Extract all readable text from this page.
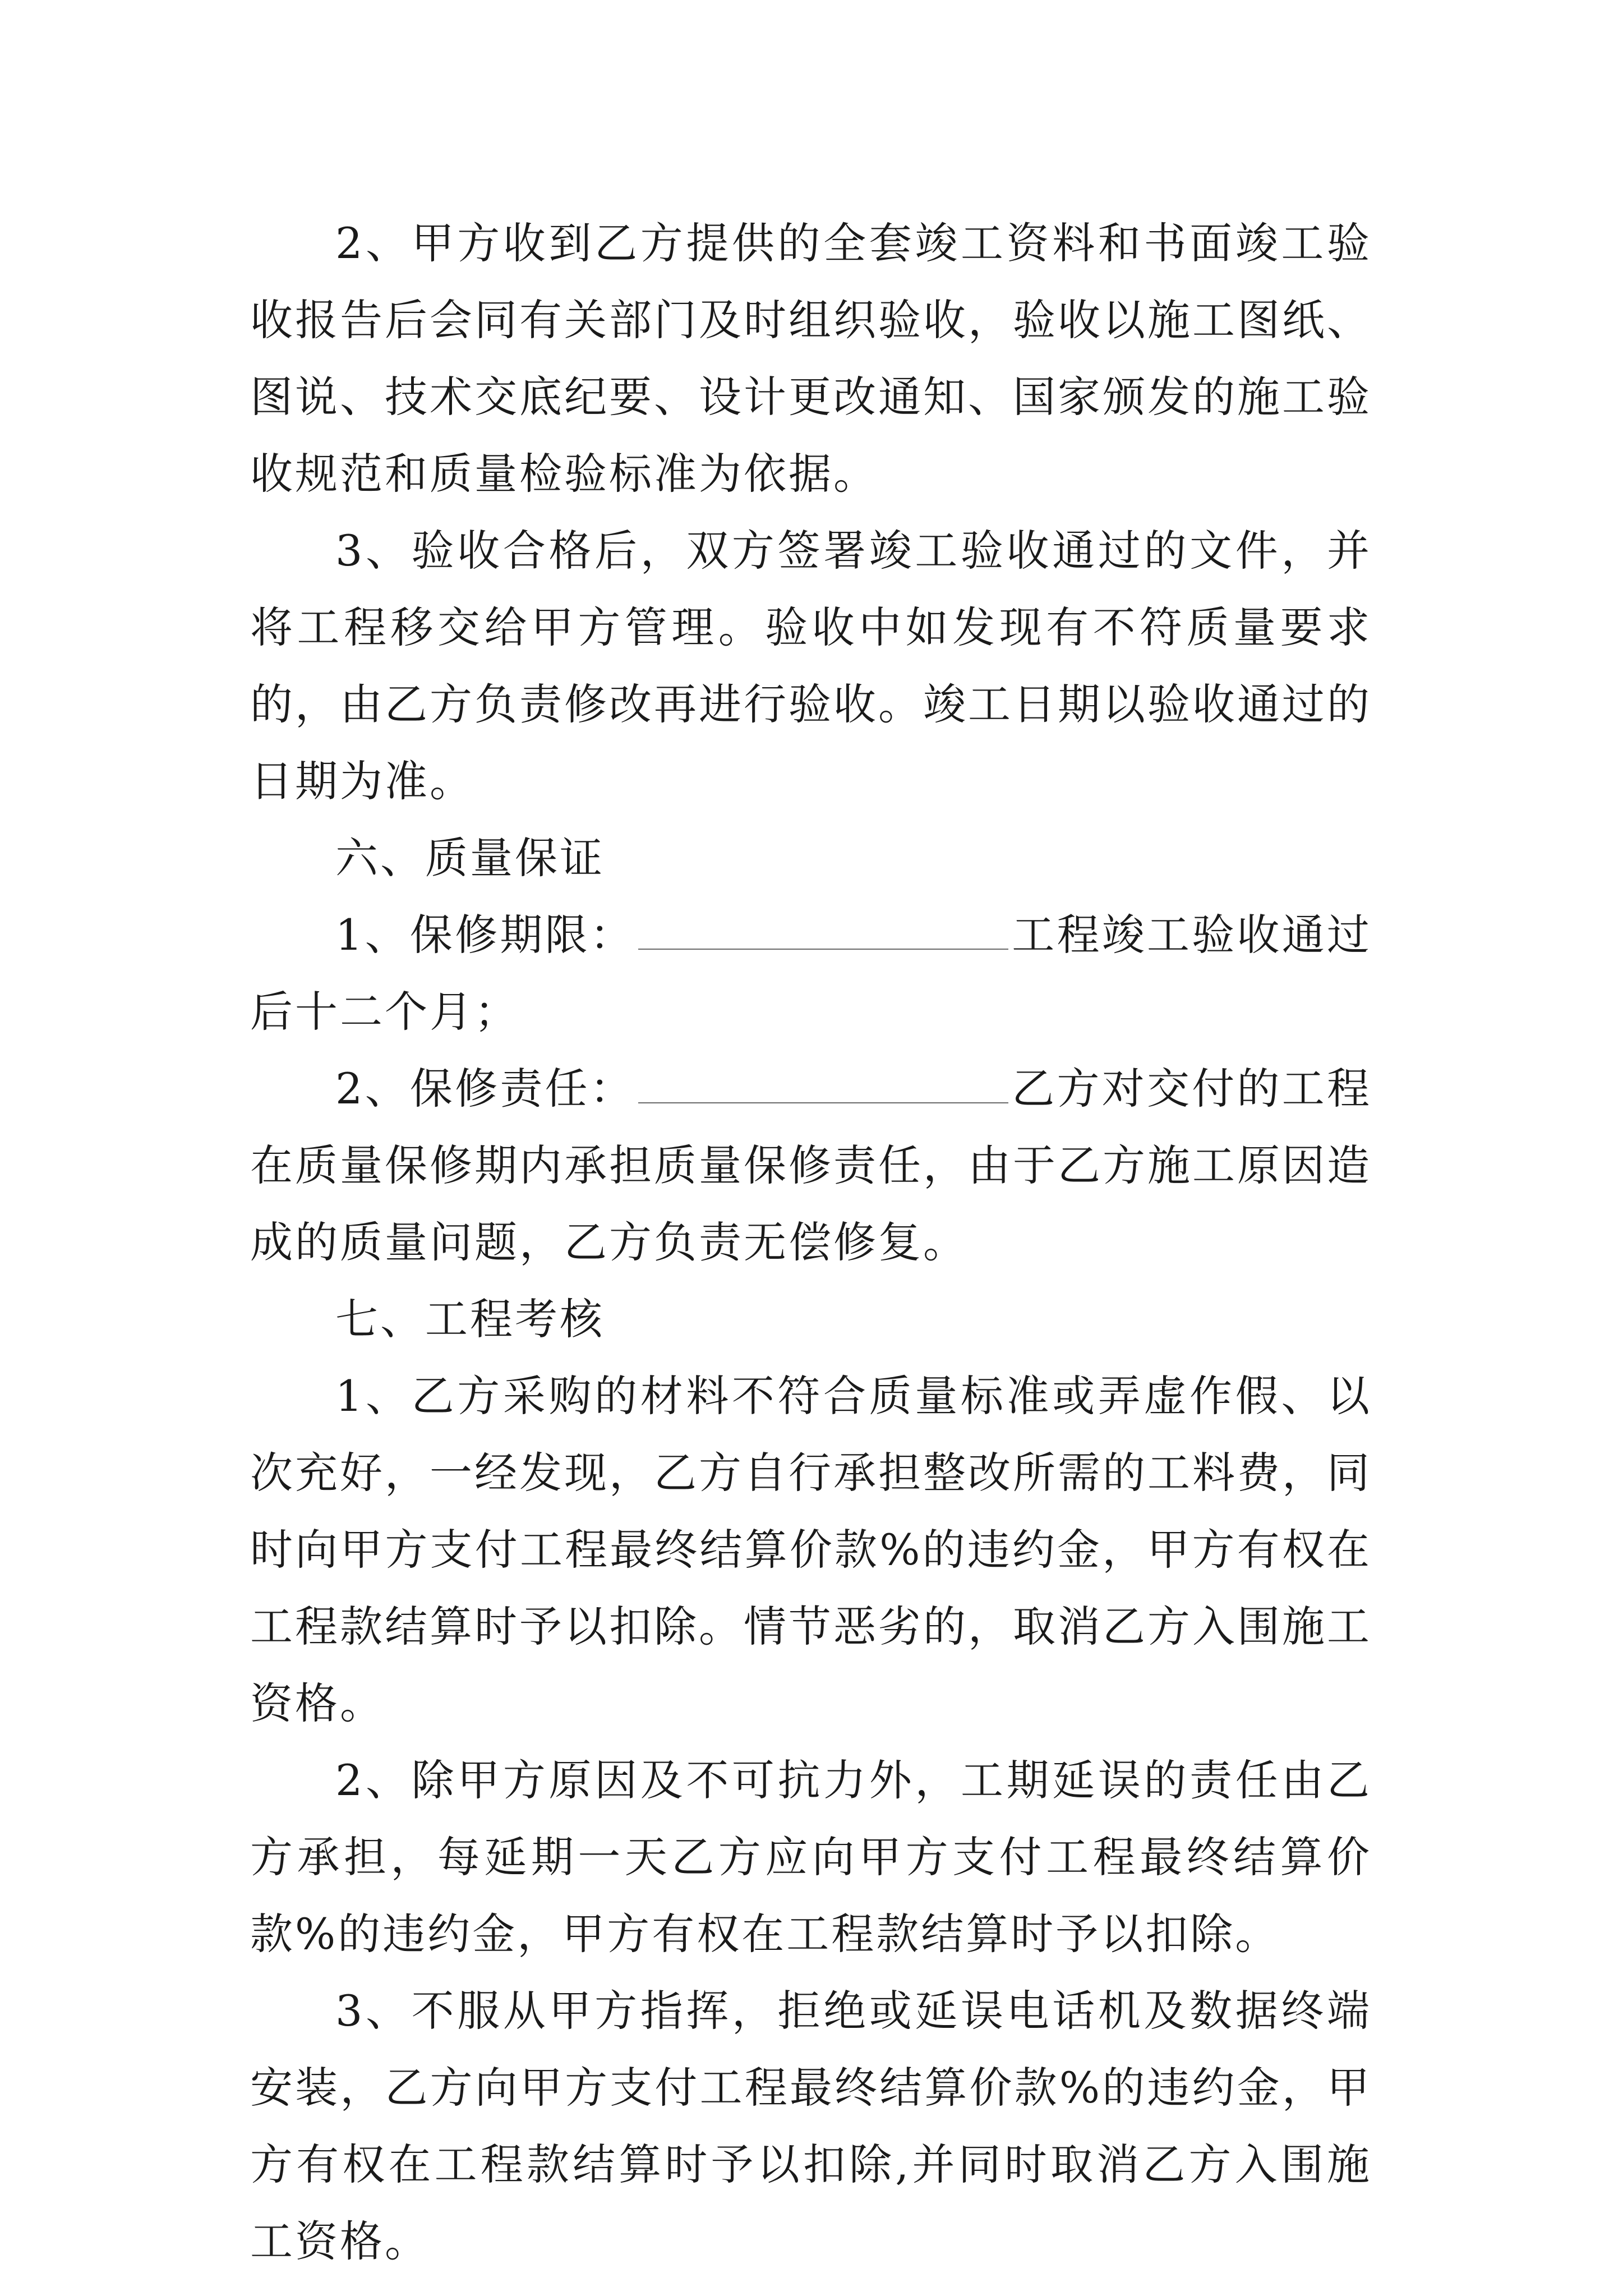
2、甲方收到乙方提供的全套竣工资料和书面竣工验收报告后会同有关部门及时组织验收，验收以施工图纸、图说、技术交底纪要、设计更改通知、国家颁发的施工验收规范和质量检验标准为依据。

3、验收合格后，双方签署竣工验收通过的文件，并将工程移交给甲方管理。验收中如发现有不符质量要求的，由乙方负责修改再进行验收。竣工日期以验收通过的日期为准。

六、质量保证

1、保修期限：	工程竣工验收通过后十二个月；

2、保修责任：	乙方对交付的工程在质量保修期内承担质量保修责任，由于乙方施工原因造成的质量问题，乙方负责无偿修复。

七、工程考核

1、乙方采购的材料不符合质量标准或弄虚作假、以次充好，一经发现，乙方自行承担整改所需的工料费，同时向甲方支付工程最终结算价款%的违约金，甲方有权在工程款结算时予以扣除。情节恶劣的，取消乙方入围施工资格。

2、除甲方原因及不可抗力外，工期延误的责任由乙方承担，每延期一天乙方应向甲方支付工程最终结算价款%的违约金，甲方有权在工程款结算时予以扣除。

3、不服从甲方指挥，拒绝或延误电话机及数据终端安装，乙方向甲方支付工程最终结算价款%的违约金，甲方有权在工程款结算时予以扣除,并同时取消乙方入围施工资格。
